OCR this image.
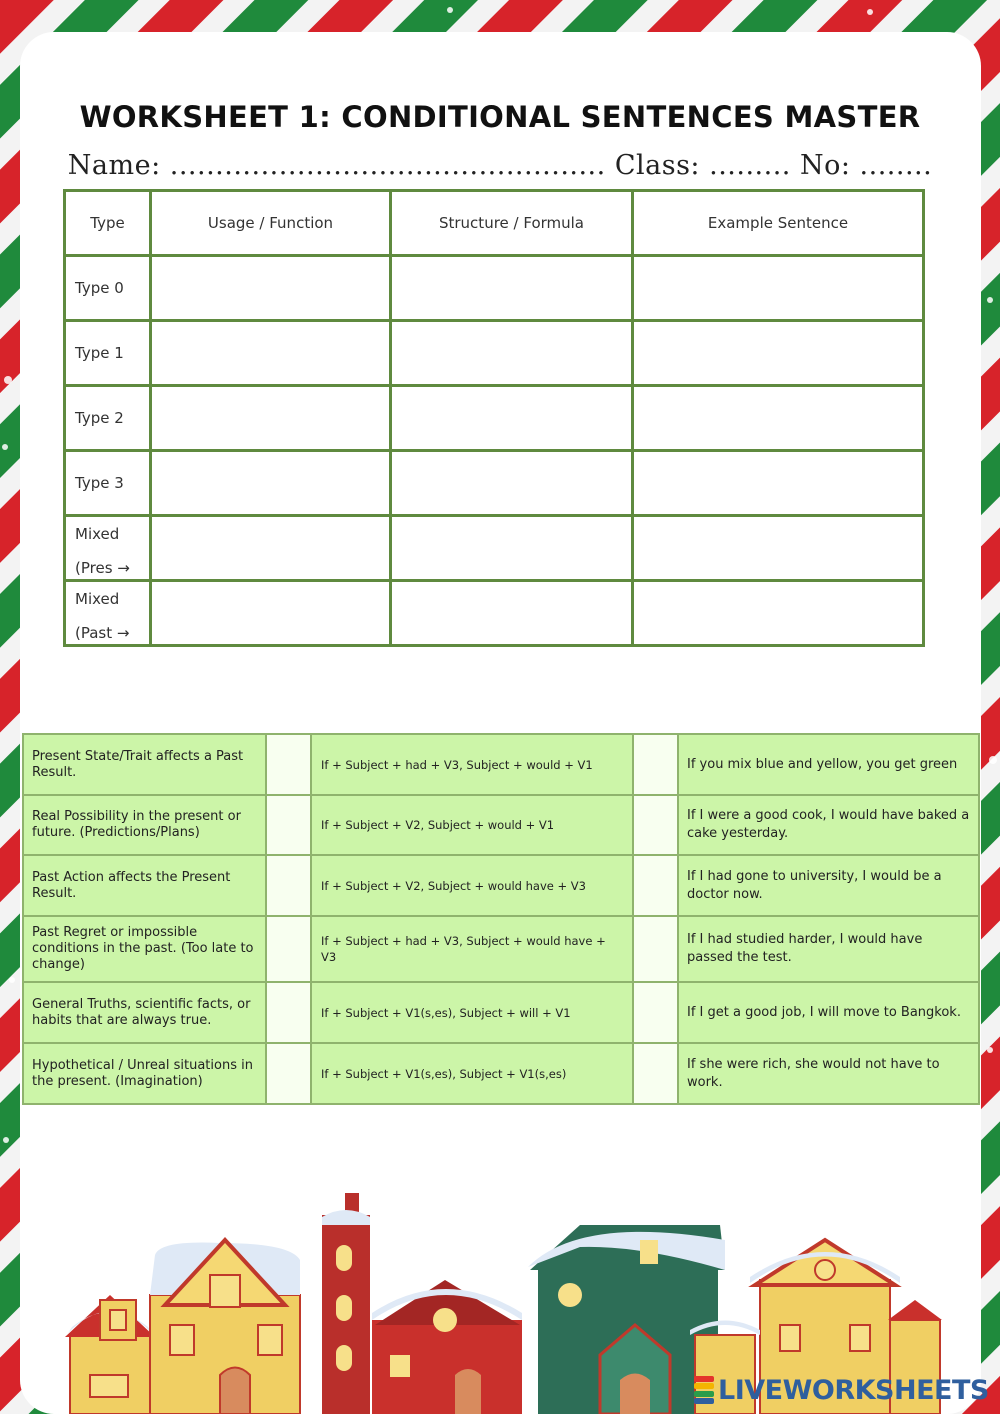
WORKSHEET 1: CONDITIONAL SENTENCES MASTER
Name: ................................................ Class: ......... No: ........
Type	Usage / Function	Structure / Formula	Example Sentence
Type 0			
Type 1			
Type 2			
Type 3			

Mixed (Pres →			

Mixed (Past →			

Present State/Trait affects a Past Result.		If + Subject + had + V3, Subject + would + V1		If you mix blue and yellow, you get green
Real Possibility in the present or future. (Predictions/Plans)		If + Subject + V2, Subject + would + V1		If I were a good cook, I would have baked a cake yesterday.
Past Action affects the Present Result.		If + Subject + V2, Subject + would have + V3		If I had gone to university, I would be a doctor now.
Past Regret or impossible conditions in the past. (Too late to change)		If + Subject + had + V3, Subject + would have + V3		If I had studied harder, I would have passed the test.
General Truths, scientific facts, or habits that are always true.		If + Subject + V1(s,es), Subject + will + V1		If I get a good job, I will move to Bangkok.
Hypothetical / Unreal situations in the present. (Imagination)		If + Subject + V1(s,es), Subject + V1(s,es)		If she were rich, she would not have to work.
LIVEWORKSHEETS
